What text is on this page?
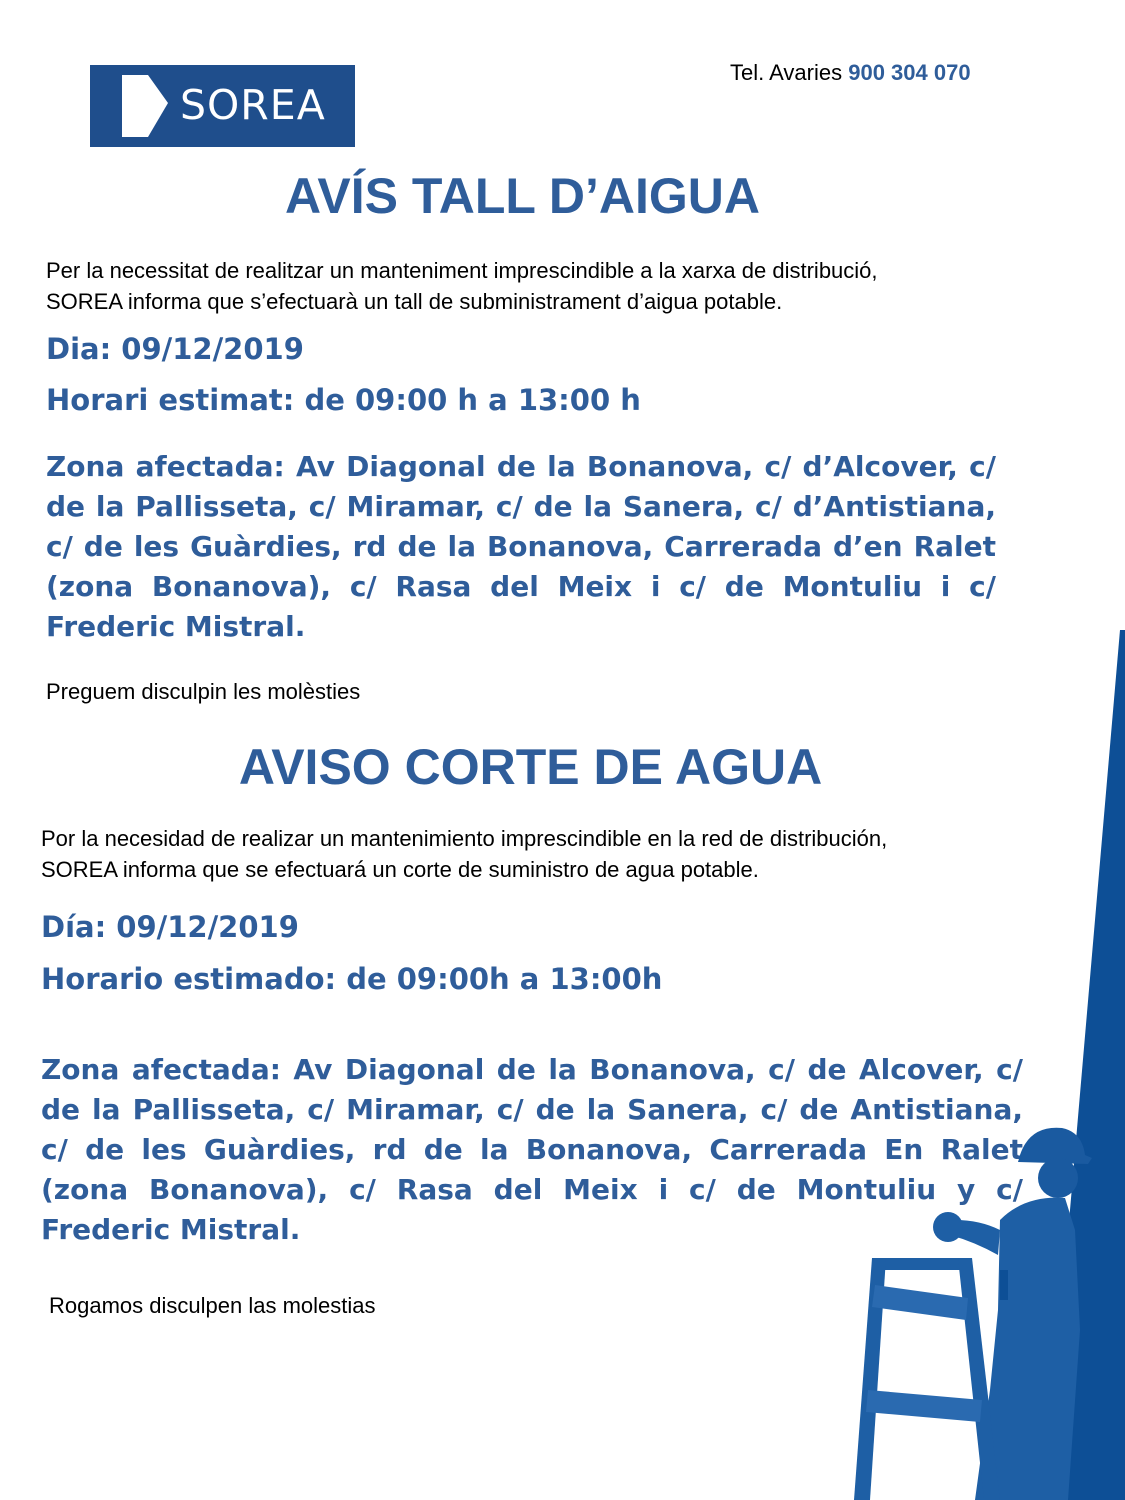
SOREA
Tel. Avaries 900 304 070
AVÍS TALL D’AIGUA
Per la necessitat de realitzar un manteniment imprescindible a la xarxa de distribució,
SOREA informa que s’efectuarà un tall de subministrament d’aigua potable.

Dia: 09/12/2019

Horari estimat: de 09:00 h a 13:00 h

Zona afectada: Av Diagonal de la Bonanova, c/ d’Alcover, c/ de la Pallisseta, c/ Miramar, c/ de la Sanera, c/ d’Antistiana, c/ de les Guàrdies, rd de la Bonanova, Carrerada d’en Ralet (zona Bonanova), c/ Rasa del Meix i c/ de Montuliu i c/ Frederic Mistral.

Preguem disculpin les molèsties

AVISO CORTE DE AGUA
Por la necesidad de realizar un mantenimiento imprescindible en la red de distribución,
SOREA informa que se efectuará un corte de suministro de agua potable.

Día: 09/12/2019

Horario estimado: de 09:00h a 13:00h

Zona afectada: Av Diagonal de la Bonanova, c/ de Alcover, c/ de la Pallisseta, c/ Miramar, c/ de la Sanera, c/ de Antistiana, c/ de les Guàrdies, rd de la Bonanova, Carrerada En Ralet (zona Bonanova), c/ Rasa del Meix i c/ de Montuliu y c/ Frederic Mistral.

Rogamos disculpen las molestias
